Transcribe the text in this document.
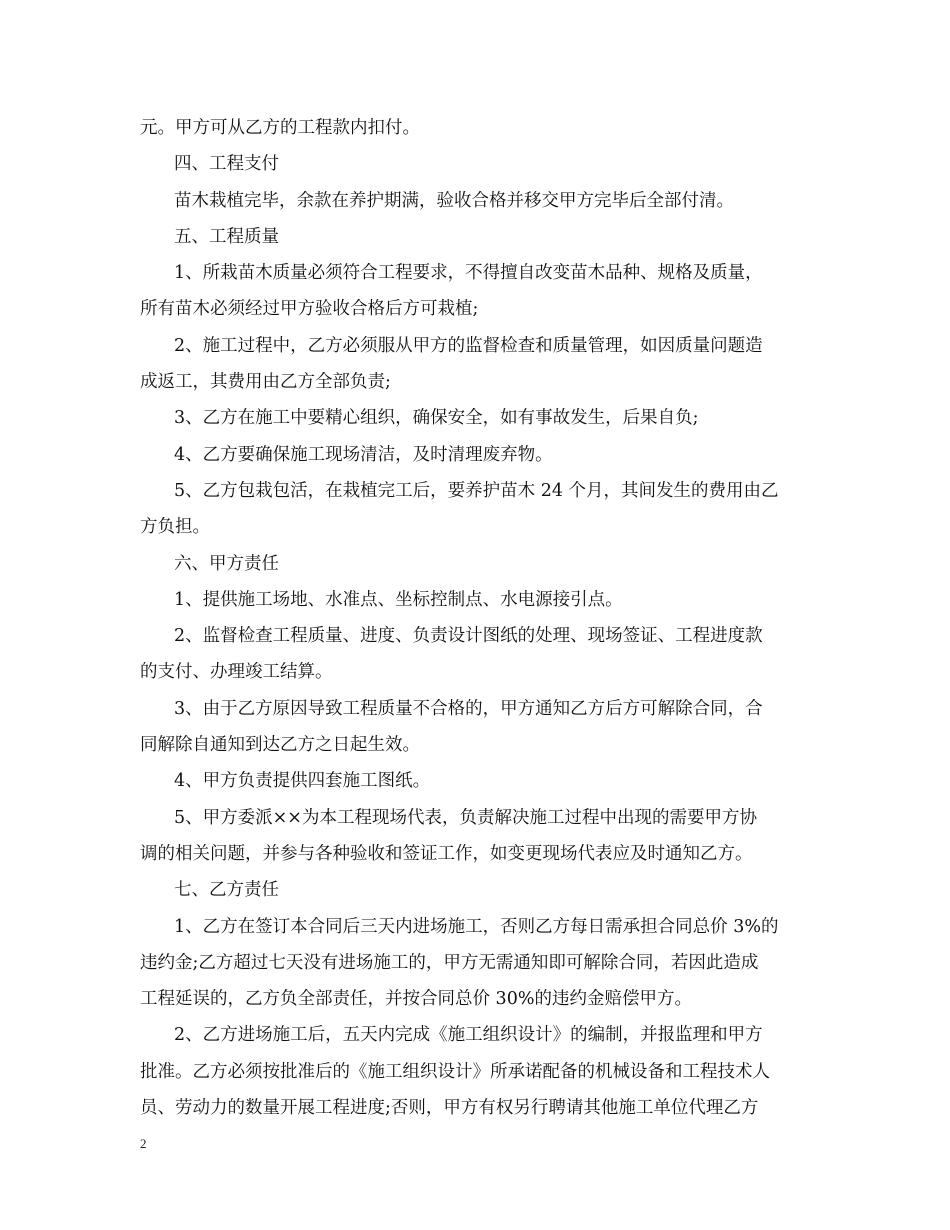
元。甲方可从乙方的工程款内扣付。
四、工程支付
苗木栽植完毕，余款在养护期满，验收合格并移交甲方完毕后全部付清。
五、工程质量
1、所栽苗木质量必须符合工程要求，不得擅自改变苗木品种、规格及质量，
所有苗木必须经过甲方验收合格后方可栽植;
2、施工过程中，乙方必须服从甲方的监督检查和质量管理，如因质量问题造
成返工，其费用由乙方全部负责;
3、乙方在施工中要精心组织，确保安全，如有事故发生，后果自负;
4、乙方要确保施工现场清洁，及时清理废弃物。
5、乙方包栽包活，在栽植完工后，要养护苗木 24 个月，其间发生的费用由乙
方负担。
六、甲方责任
1、提供施工场地、水准点、坐标控制点、水电源接引点。
2、监督检查工程质量、进度、负责设计图纸的处理、现场签证、工程进度款
的支付、办理竣工结算。
3、由于乙方原因导致工程质量不合格的，甲方通知乙方后方可解除合同，合
同解除自通知到达乙方之日起生效。
4、甲方负责提供四套施工图纸。
5、甲方委派××为本工程现场代表，负责解决施工过程中出现的需要甲方协
调的相关问题，并参与各种验收和签证工作，如变更现场代表应及时通知乙方。
七、乙方责任
1、乙方在签订本合同后三天内进场施工，否则乙方每日需承担合同总价 3%的
违约金;乙方超过七天没有进场施工的，甲方无需通知即可解除合同，若因此造成
工程延误的，乙方负全部责任，并按合同总价 30%的违约金赔偿甲方。
2、乙方进场施工后，五天内完成《施工组织设计》的编制，并报监理和甲方
批准。乙方必须按批准后的《施工组织设计》所承诺配备的机械设备和工程技术人
员、劳动力的数量开展工程进度;否则，甲方有权另行聘请其他施工单位代理乙方
2
